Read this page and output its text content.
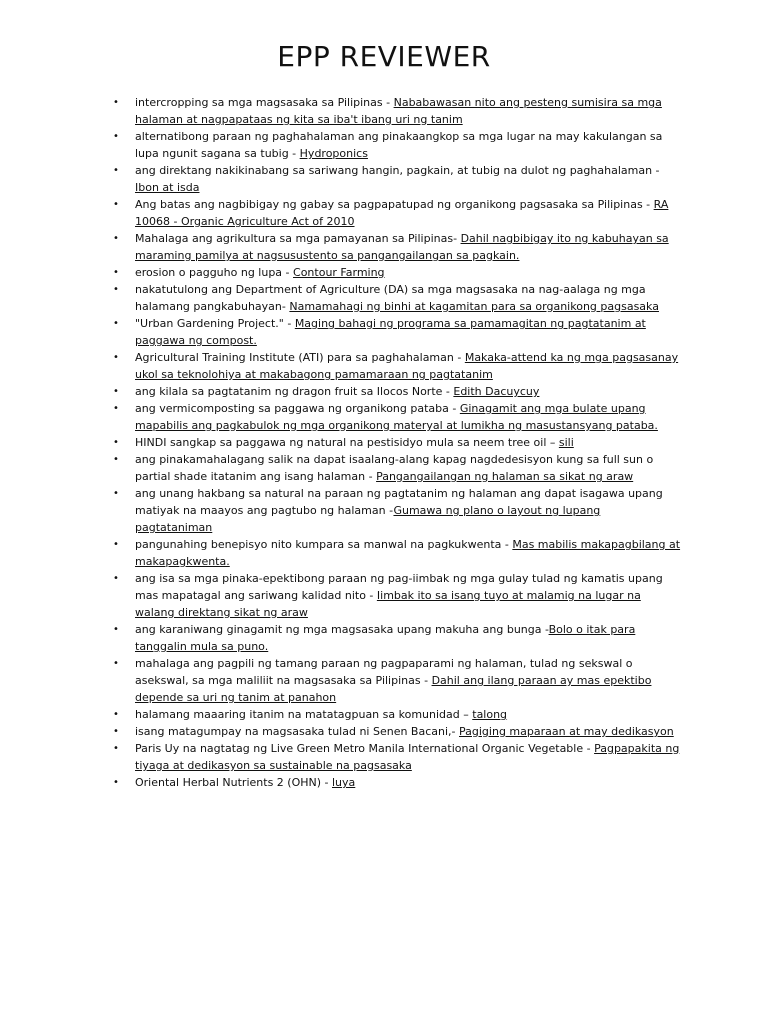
EPP REVIEWER
•	intercropping sa mga magsasaka sa Pilipinas - Nababawasan nito ang pesteng sumisira sa mga halaman at nagpapataas ng kita sa iba't ibang uri ng tanim
•	alternatibong paraan ng paghahalaman ang pinakaangkop sa mga lugar na may kakulangan sa lupa ngunit sagana sa tubig - Hydroponics
•	ang direktang nakikinabang sa sariwang hangin, pagkain, at tubig na dulot ng paghahalaman - Ibon at isda
•	Ang batas ang nagbibigay ng gabay sa pagpapatupad ng organikong pagsasaka sa Pilipinas - RA 10068 - Organic Agriculture Act of 2010
•	Mahalaga ang agrikultura sa mga pamayanan sa Pilipinas- Dahil nagbibigay ito ng kabuhayan sa maraming pamilya at nagsusustento sa pangangailangan sa pagkain.
•	erosion o pagguho ng lupa - Contour Farming
•	nakatutulong ang Department of Agriculture (DA) sa mga magsasaka na nag-aalaga ng mga halamang pangkabuhayan- Namamahagi ng binhi at kagamitan para sa organikong pagsasaka
•	"Urban Gardening Project." - Maging bahagi ng programa sa pamamagitan ng pagtatanim at paggawa ng compost.
•	Agricultural Training Institute (ATI) para sa paghahalaman - Makaka-attend ka ng mga pagsasanay ukol sa teknolohiya at makabagong pamamaraan ng pagtatanim
•	ang kilala sa pagtatanim ng dragon fruit sa Ilocos Norte - Edith Dacuycuy
•	ang vermicomposting sa paggawa ng organikong pataba - Ginagamit ang mga bulate upang mapabilis ang pagkabulok ng mga organikong materyal at lumikha ng masustansyang pataba.
•	HINDI sangkap sa paggawa ng natural na pestisidyo mula sa neem tree oil – sili
•	ang pinakamahalagang salik na dapat isaalang-alang kapag nagdedesisyon kung sa full sun o partial shade itatanim ang isang halaman - Pangangailangan ng halaman sa sikat ng araw
•	ang unang hakbang sa natural na paraan ng pagtatanim ng halaman ang dapat isagawa upang matiyak na maayos ang pagtubo ng halaman -Gumawa ng plano o layout ng lupang pagtataniman
•	pangunahing benepisyo nito kumpara sa manwal na pagkukwenta - Mas mabilis makapagbilang at makapagkwenta.
•	ang isa sa mga pinaka-epektibong paraan ng pag-iimbak ng mga gulay tulad ng kamatis upang mas mapatagal ang sariwang kalidad nito - Iimbak ito sa isang tuyo at malamig na lugar na walang direktang sikat ng araw
•	ang karaniwang ginagamit ng mga magsasaka upang makuha ang bunga -Bolo o itak para tanggalin mula sa puno.
•	mahalaga ang pagpili ng tamang paraan ng pagpaparami ng halaman, tulad ng sekswal o asekswal, sa mga maliliit na magsasaka sa Pilipinas - Dahil ang ilang paraan ay mas epektibo depende sa uri ng tanim at panahon
•	halamang maaaring itanim na matatagpuan sa komunidad – talong
•	isang matagumpay na magsasaka tulad ni Senen Bacani,- Pagiging maparaan at may dedikasyon
•	Paris Uy na nagtatag ng Live Green Metro Manila International Organic Vegetable - Pagpapakita ng tiyaga at dedikasyon sa sustainable na pagsasaka
•	Oriental Herbal Nutrients 2 (OHN) - luya
